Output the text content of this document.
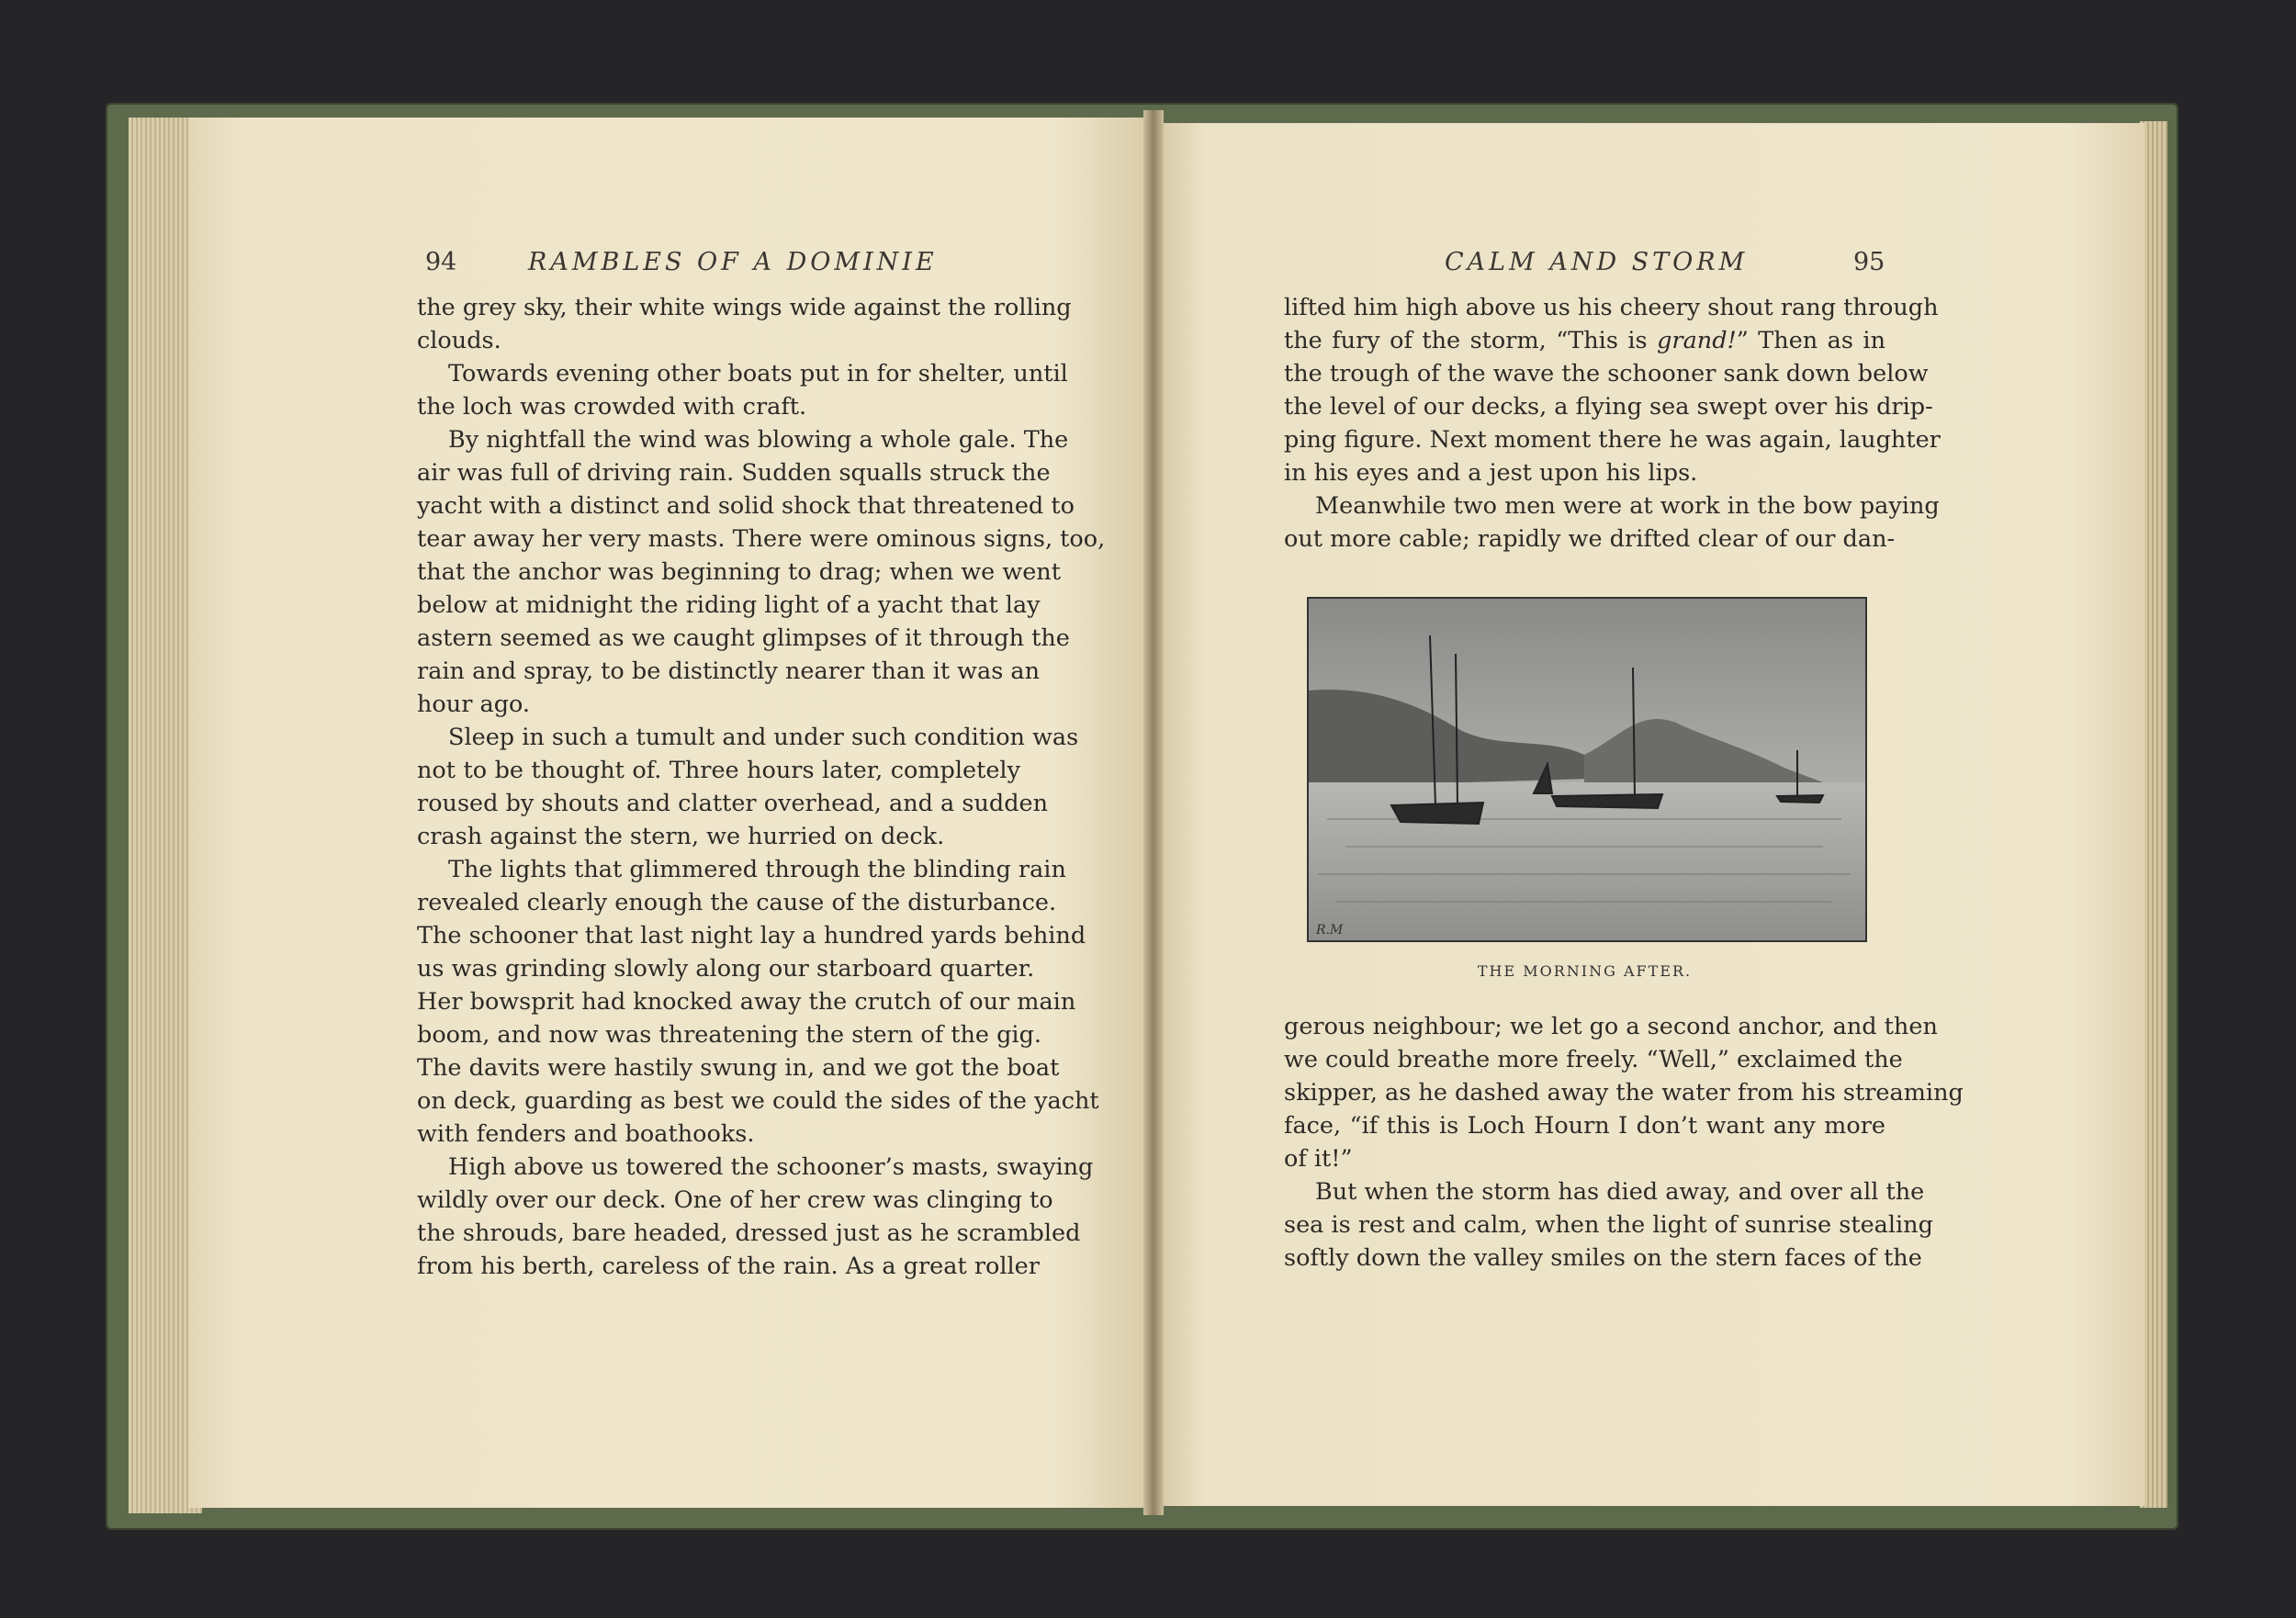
94	RAMBLES OF A DOMINIE	CALM AND STORM	95
the grey sky, their white wings wide against the rolling
clouds.
Towards evening other boats put in for shelter, until
the loch was crowded with craft.
By nightfall the wind was blowing a whole gale. The
air was full of driving rain. Sudden squalls struck the
yacht with a distinct and solid shock that threatened to
tear away her very masts. There were ominous signs, too,
that the anchor was beginning to drag; when we went
below at midnight the riding light of a yacht that lay
astern seemed as we caught glimpses of it through the
rain and spray, to be distinctly nearer than it was an
hour ago.
Sleep in such a tumult and under such condition was
not to be thought of. Three hours later, completely
roused by shouts and clatter overhead, and a sudden
crash against the stern, we hurried on deck.
The lights that glimmered through the blinding rain
revealed clearly enough the cause of the disturbance.
The schooner that last night lay a hundred yards behind
us was grinding slowly along our starboard quarter.
Her bowsprit had knocked away the crutch of our main
boom, and now was threatening the stern of the gig.
The davits were hastily swung in, and we got the boat
on deck, guarding as best we could the sides of the yacht
with fenders and boathooks.
High above us towered the schooner’s masts, swaying
wildly over our deck. One of her crew was clinging to
the shrouds, bare headed, dressed just as he scrambled
from his berth, careless of the rain. As a great roller
lifted him high above us his cheery shout rang through
the fury of the storm, “This is grand!” Then as in
the trough of the wave the schooner sank down below
the level of our decks, a flying sea swept over his drip-
ping figure. Next moment there he was again, laughter
in his eyes and a jest upon his lips.
Meanwhile two men were at work in the bow paying
out more cable; rapidly we drifted clear of our dan-
R.M
THE MORNING AFTER.
gerous neighbour; we let go a second anchor, and then
we could breathe more freely. “Well,” exclaimed the
skipper, as he dashed away the water from his streaming
face, “if this is Loch Hourn I don’t want any more
of it!”
But when the storm has died away, and over all the
sea is rest and calm, when the light of sunrise stealing
softly down the valley smiles on the stern faces of the
